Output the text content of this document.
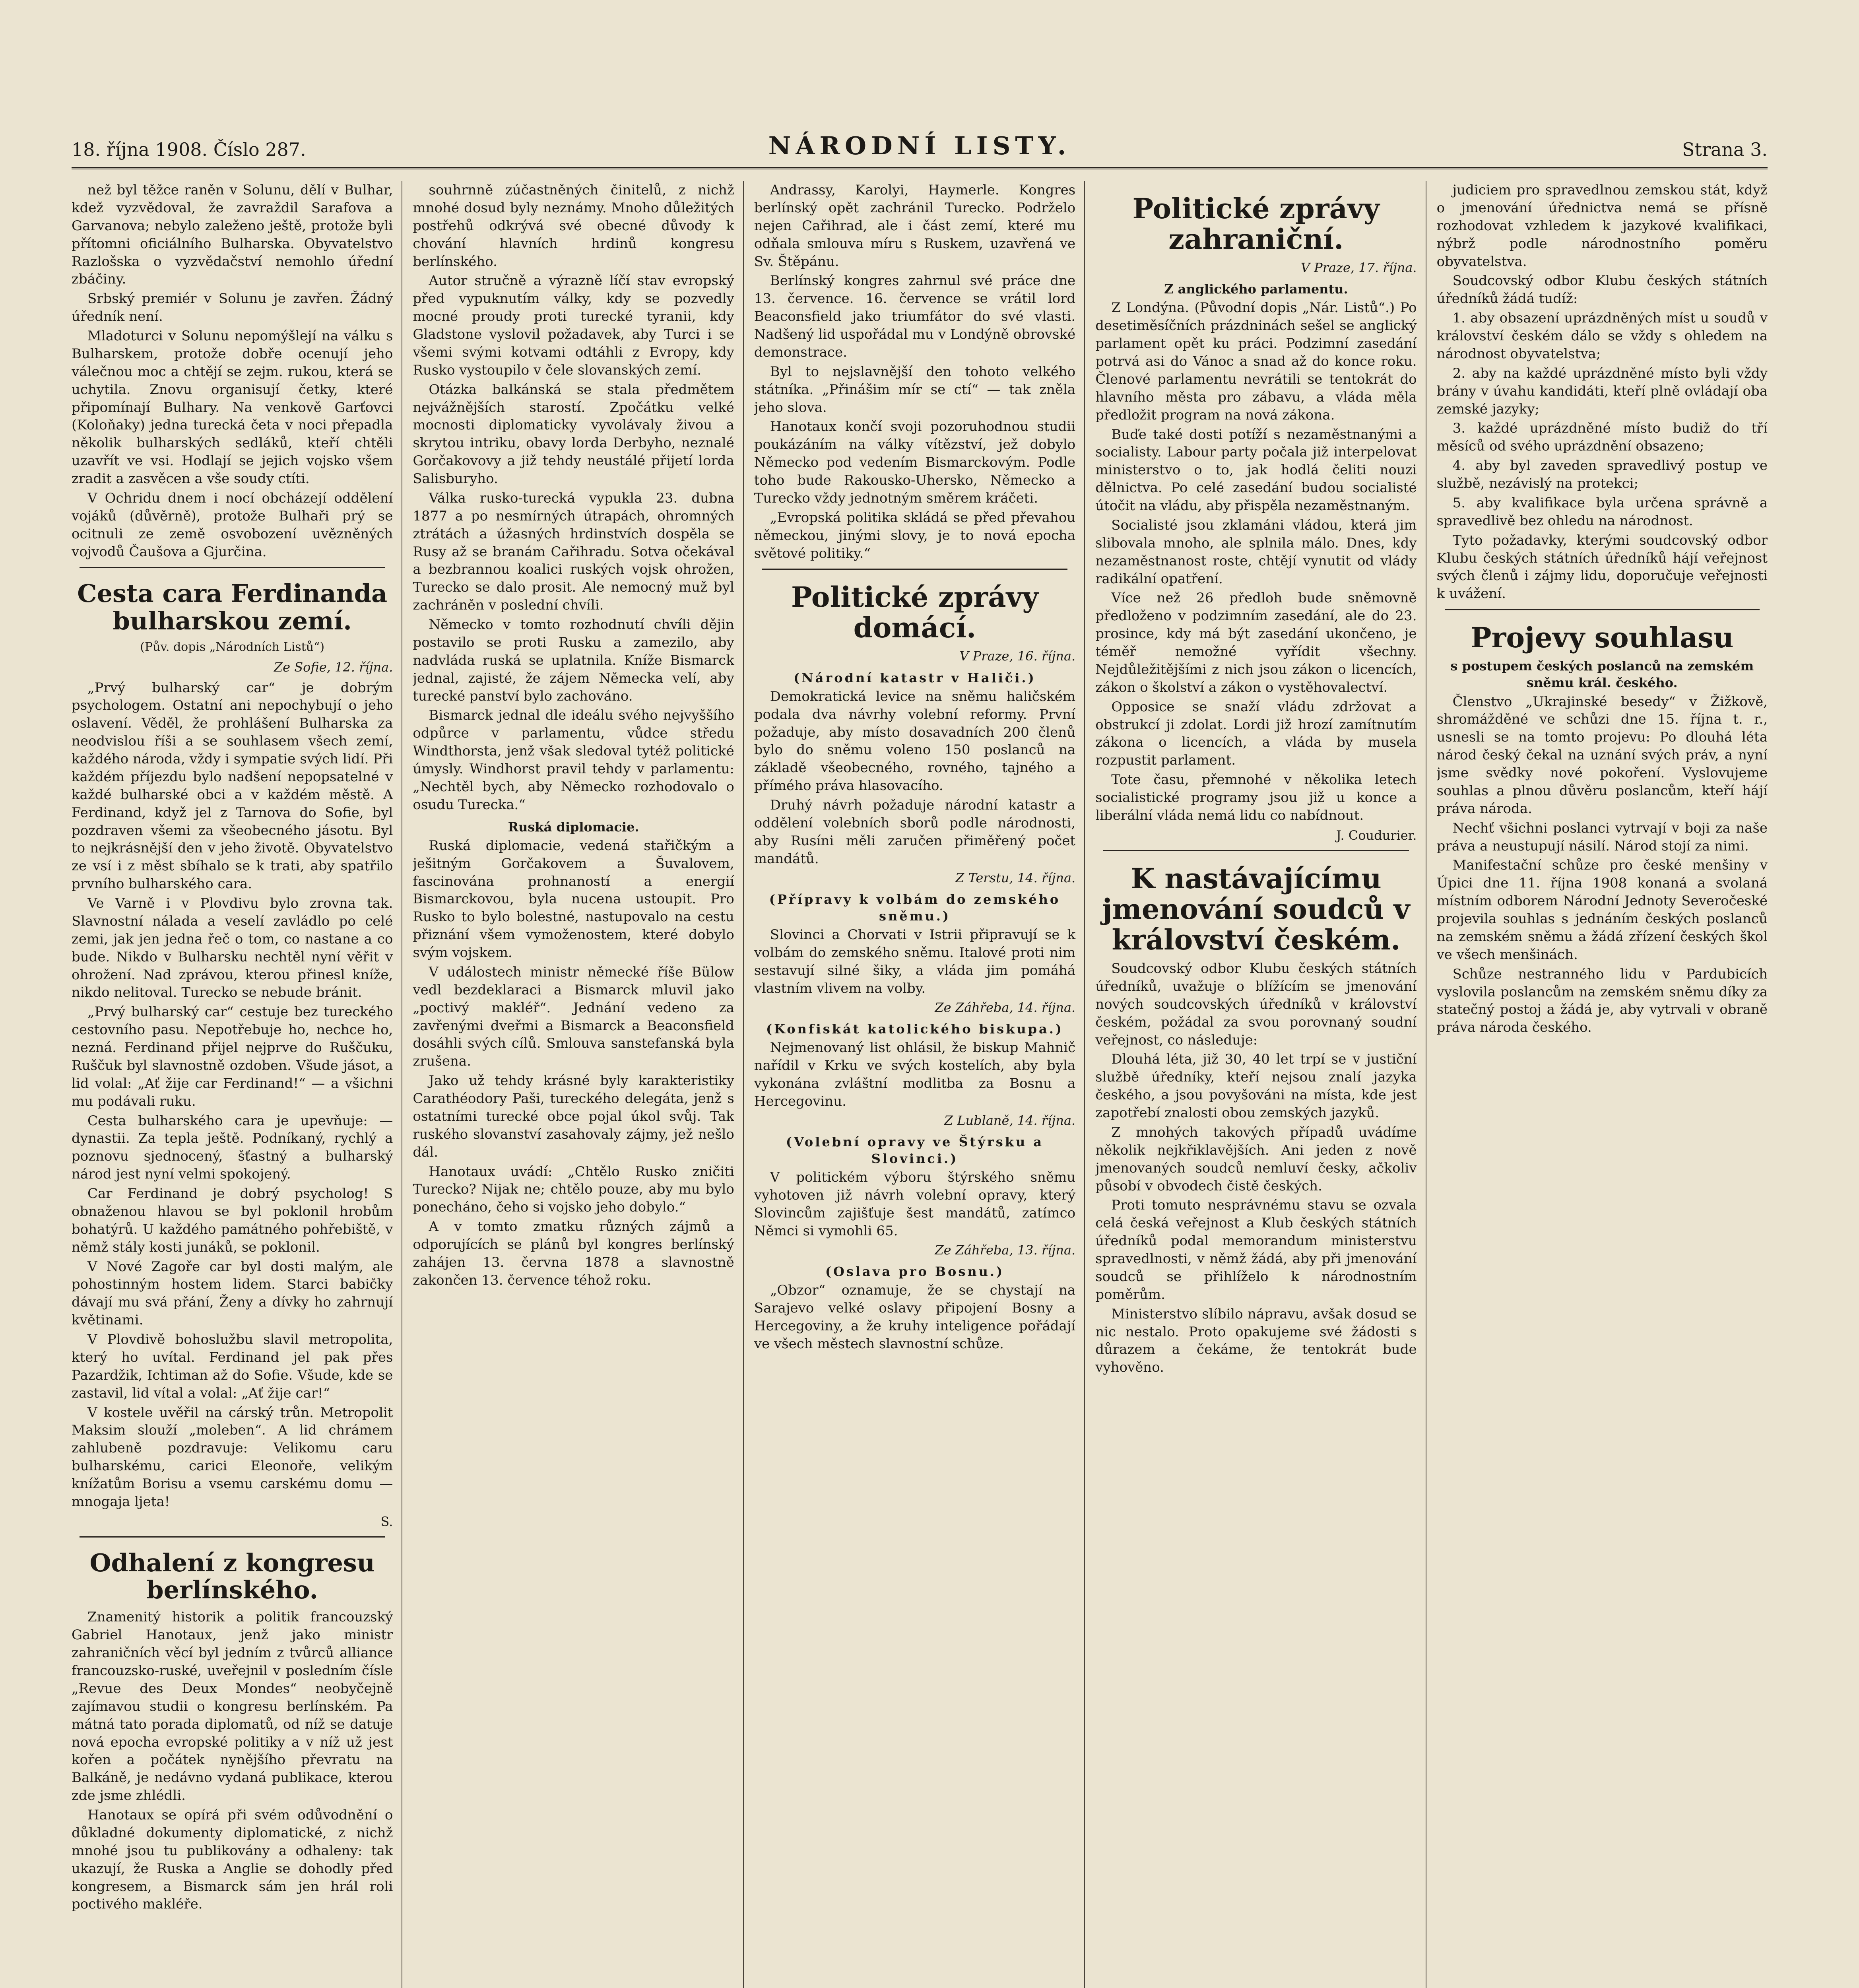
18. října 1908. Číslo 287.	NÁRODNÍ LISTY.	Strana 3.

než byl těžce raněn v Solunu, dělí v Bulhar, kdež vyzvědoval, že zavraždil Sarafova a Garvanova; nebylo zaleženo ještě, protože byli přítomni oficiálního Bulharska. Obyvatelstvo Razlošska o vyzvědačství nemohlo úřední zbáčiny.

Srbský premiér v Solunu je zavřen. Žádný úředník není.

Mladoturci v Solunu nepomýšlejí na válku s Bulharskem, protože dobře ocenují jeho válečnou moc a chtějí se zejm. rukou, která se uchytila. Znovu organisují četky, které připomínají Bulhary. Na venkově Garťovci (Koloňaky) jedna turecká četa v noci přepadla několik bulharských sedláků, kteří chtěli uzavřít ve vsi. Hodlají se jejich vojsko všem zradit a zasvěcen a vše soudy ctíti.

V Ochridu dnem i nocí obcházejí oddělení vojáků (důvěrně), protože Bulhaři prý se ocitnuli ze země osvobození uvězněných vojvodů Čaušova a Gjurčina.

Cesta cara Ferdinanda bulharskou zemí.
(Pův. dopis „Národních Listů“)
Ze Sofie, 12. října.

„Prvý bulharský car“ je dobrým psychologem. Ostatní ani nepochybují o jeho oslavení. Věděl, že prohlášení Bulharska za neodvislou říši a se souhlasem všech zemí, každého národa, vždy i sympatie svých lidí. Při každém příjezdu bylo nadšení nepopsatelné v každé bulharské obci a v každém městě. A Ferdinand, když jel z Tarnova do Sofie, byl pozdraven všemi za všeobecného jásotu. Byl to nejkrásnější den v jeho životě. Obyvatelstvo ze vsí i z měst sbíhalo se k trati, aby spatřilo prvního bulharského cara.

Ve Varně i v Plovdivu bylo zrovna tak. Slavnostní nálada a veselí zavládlo po celé zemi, jak jen jedna řeč o tom, co nastane a co bude. Nikdo v Bulharsku nechtěl nyní věřit v ohrožení. Nad zprávou, kterou přinesl kníže, nikdo nelitoval. Turecko se nebude bránit.

„Prvý bulharský car“ cestuje bez tureckého cestovního pasu. Nepotřebuje ho, nechce ho, nezná. Ferdinand přijel nejprve do Ruščuku, Ruščuk byl slavnostně ozdoben. Všude jásot, a lid volal: „Ať žije car Ferdinand!“ — a všichni mu podávali ruku.

Cesta bulharského cara je upevňuje: — dynastii. Za tepla ještě. Podníkaný, rychlý a poznovu sjednocený, šťastný a bulharský národ jest nyní velmi spokojený.

Car Ferdinand je dobrý psycholog! S obnaženou hlavou se byl poklonil hrobům bohatýrů. U každého památného pohřebiště, v němž stály kosti junáků, se poklonil.

V Nové Zagoře car byl dosti malým, ale pohostinným hostem lidem. Starci babičky dávají mu svá přání, Ženy a dívky ho zahrnují květinami.

V Plovdivě bohoslužbu slavil metropolita, který ho uvítal. Ferdinand jel pak přes Pazardžik, Ichtiman až do Sofie. Všude, kde se zastavil, lid vítal a volal: „Ať žije car!“

V kostele uvěřil na cárský trůn. Metropolit Maksim slouží „moleben“. A lid chrámem zahlubeně pozdravuje: Velikomu caru bulharskému, carici Eleonoře, velikým knížatům Borisu a vsemu carskému domu — mnogaja ljeta!

S.
Odhalení z kongresu berlínského.

Znamenitý historik a politik francouzský Gabriel Hanotaux, jenž jako ministr zahraničních věcí byl jedním z tvůrců alliance francouzsko-ruské, uveřejnil v posledním čísle „Revue des Deux Mondes“ neobyčejně zajímavou studii o kongresu berlínském. Pa mátná tato porada diplomatů, od níž se datuje nová epocha evropské politiky a v níž už jest kořen a počátek nynějšího převratu na Balkáně, je nedávno vydaná publikace, kterou zde jsme zhlédli.

Hanotaux se opírá při svém odůvodnění o důkladné dokumenty diplomatické, z nichž mnohé jsou tu publikovány a odhaleny: tak ukazují, že Ruska a Anglie se dohodly před kongresem, a Bismarck sám jen hrál roli poctivého makléře.

souhrnně zúčastněných činitelů, z nichž mnohé dosud byly neznámy. Mnoho důležitých postřehů odkrývá své obecné důvody k chování hlavních hrdinů kongresu berlínského.

Autor stručně a výrazně líčí stav evropský před vypuknutím války, kdy se pozvedly mocné proudy proti turecké tyranii, kdy Gladstone vyslovil požadavek, aby Turci i se všemi svými kotvami odtáhli z Evropy, kdy Rusko vystoupilo v čele slovanských zemí.

Otázka balkánská se stala předmětem nejvážnějších starostí. Zpočátku velké mocnosti diplomaticky vyvolávaly živou a skrytou intriku, obavy lorda Derbyho, neznalé Gorčakovovy a již tehdy neustálé přijetí lorda Salisburyho.

Válka rusko-turecká vypukla 23. dubna 1877 a po nesmírných útrapách, ohromných ztrátách a úžasných hrdinstvích dospěla se Rusy až se branám Cařihradu. Sotva očekával a bezbrannou koalici ruských vojsk ohrožen, Turecko se dalo prosit. Ale nemocný muž byl zachráněn v poslední chvíli.

Německo v tomto rozhodnutí chvíli dějin postavilo se proti Rusku a zamezilo, aby nadvláda ruská se uplatnila. Kníže Bismarck jednal, zajisté, že zájem Německa velí, aby turecké panství bylo zachováno.

Bismarck jednal dle ideálu svého nejvyššího odpůrce v parlamentu, vůdce středu Windthorsta, jenž však sledoval tytéž politické úmysly. Windhorst pravil tehdy v parlamentu: „Nechtěl bych, aby Německo rozhodovalo o osudu Turecka.“

Ruská diplomacie.

Ruská diplomacie, vedená stařičkým a ješitným Gorčakovem a Šuvalovem, fascinována prohnaností a energií Bismarckovou, byla nucena ustoupit. Pro Rusko to bylo bolestné, nastupovalo na cestu přiznání všem vymoženostem, které dobylo svým vojskem.

V událostech ministr německé říše Bülow vedl bezdeklaraci a Bismarck mluvil jako „poctivý makléř“. Jednání vedeno za zavřenými dveřmi a Bismarck a Beaconsfield dosáhli svých cílů. Smlouva sanstefanská byla zrušena.

Jako už tehdy krásné byly karakteristiky Carathéodory Paši, tureckého delegáta, jenž s ostatními turecké obce pojal úkol svůj. Tak ruského slovanství zasahovaly zájmy, jež nešlo dál.

Hanotaux uvádí: „Chtělo Rusko zničiti Turecko? Nijak ne; chtělo pouze, aby mu bylo ponecháno, čeho si vojsko jeho dobylo.“

A v tomto zmatku různých zájmů a odporujících se plánů byl kongres berlínský zahájen 13. června 1878 a slavnostně zakončen 13. července téhož roku.

Andrassy, Karolyi, Haymerle. Kongres berlínský opět zachránil Turecko. Podrželo nejen Cařihrad, ale i část zemí, které mu odňala smlouva míru s Ruskem, uzavřená ve Sv. Štěpánu.

Berlínský kongres zahrnul své práce dne 13. července. 16. července se vrátil lord Beaconsfield jako triumfátor do své vlasti. Nadšený lid uspořádal mu v Londýně obrovské demonstrace.

Byl to nejslavnější den tohoto velkého státníka. „Přinášim mír se ctí“ — tak zněla jeho slova.

Hanotaux končí svoji pozoruhodnou studii poukázáním na války vítězství, jež dobylo Německo pod vedením Bismarckovým. Podle toho bude Rakousko-Uhersko, Německo a Turecko vždy jednotným směrem kráčeti.

„Evropská politika skládá se před převahou německou, jinými slovy, je to nová epocha světové politiky.“

Politické zprávy domácí.
V Praze, 16. října.
(Národní katastr v Haliči.)

Demokratická levice na sněmu haličském podala dva návrhy volební reformy. První požaduje, aby místo dosavadních 200 členů bylo do sněmu voleno 150 poslanců na základě všeobecného, rovného, tajného a přímého práva hlasovacího.

Druhý návrh požaduje národní katastr a oddělení volebních sborů podle národnosti, aby Rusíni měli zaručen přiměřený počet mandátů.

Z Terstu, 14. října.
(Přípravy k volbám do zemského sněmu.)

Slovinci a Chorvati v Istrii připravují se k volbám do zemského sněmu. Italové proti nim sestavují silné šiky, a vláda jim pomáhá vlastním vlivem na volby.

Ze Záhřeba, 14. října.
(Konfiskát katolického biskupa.)

Nejmenovaný list ohlásil, že biskup Mahnič nařídil v Krku ve svých kostelích, aby byla vykonána zvláštní modlitba za Bosnu a Hercegovinu.

Z Lublaně, 14. října.
(Volební opravy ve Štýrsku a Slovinci.)

V politickém výboru štýrského sněmu vyhotoven již návrh volební opravy, který Slovincům zajišťuje šest mandátů, zatímco Němci si vymohli 65.

Ze Záhřeba, 13. října.
(Oslava pro Bosnu.)

„Obzor“ oznamuje, že se chystají na Sarajevo velké oslavy připojení Bosny a Hercegoviny, a že kruhy inteligence pořádají ve všech městech slavnostní schůze.

Politické zprávy zahraniční.
V Praze, 17. října.
Z anglického parlamentu.

Z Londýna. (Původní dopis „Nár. Listů“.) Po desetiměsíčních prázdninách sešel se anglický parlament opět ku práci. Podzimní zasedání potrvá asi do Vánoc a snad až do konce roku. Členové parlamentu nevrátili se tentokrát do hlavního města pro zábavu, a vláda měla předložit program na nová zákona.

Buďe také dosti potíží s nezaměstnanými a socialisty. Labour party počala již interpelovat ministerstvo o to, jak hodlá čeliti nouzi dělnictva. Po celé zasedání budou socialisté útočit na vládu, aby přispěla nezaměstnaným.

Socialisté jsou zklamáni vládou, která jim slibovala mnoho, ale splnila málo. Dnes, kdy nezaměstnanost roste, chtějí vynutit od vlády radikální opatření.

Více než 26 předloh bude sněmovně předloženo v podzimním zasedání, ale do 23. prosince, kdy má být zasedání ukončeno, je téměř nemožné vyřídit všechny. Nejdůležitějšími z nich jsou zákon o licencích, zákon o školství a zákon o vystěhovalectví.

Opposice se snaží vládu zdržovat a obstrukcí ji zdolat. Lordi již hrozí zamítnutím zákona o licencích, a vláda by musela rozpustit parlament.

Tote času, přemnohé v několika letech socialistické programy jsou již u konce a liberální vláda nemá lidu co nabídnout.

J. Coudurier.
K nastávajícímu jmenování soudců v království českém.

Soudcovský odbor Klubu českých státních úředníků, uvažuje o blížícím se jmenování nových soudcovských úředníků v království českém, požádal za svou porovnaný soudní veřejnost, co následuje:

Dlouhá léta, již 30, 40 let trpí se v justiční službě úředníky, kteří nejsou znalí jazyka českého, a jsou povyšováni na místa, kde jest zapotřebí znalosti obou zemských jazyků.

Z mnohých takových případů uvádíme několik nejkřiklavějších. Ani jeden z nově jmenovaných soudců nemluví česky, ačkoliv působí v obvodech čistě českých.

Proti tomuto nesprávnému stavu se ozvala celá česká veřejnost a Klub českých státních úředníků podal memorandum ministerstvu spravedlnosti, v němž žádá, aby při jmenování soudců se přihlíželo k národnostním poměrům.

Ministerstvo slíbilo nápravu, avšak dosud se nic nestalo. Proto opakujeme své žádosti s důrazem a čekáme, že tentokrát bude vyhověno.

judiciem pro spravedlnou zemskou stát, když o jmenování úřednictva nemá se přísně rozhodovat vzhledem k jazykové kvalifikaci, nýbrž podle národnostního poměru obyvatelstva.

Soudcovský odbor Klubu českých státních úředníků žádá tudíž:

1. aby obsazení uprázdněných míst u soudů v království českém dálo se vždy s ohledem na národnost obyvatelstva;

2. aby na každé uprázdněné místo byli vždy brány v úvahu kandidáti, kteří plně ovládají oba zemské jazyky;

3. každé uprázdněné místo budiž do tří měsíců od svého uprázdnění obsazeno;

4. aby byl zaveden spravedlivý postup ve službě, nezávislý na protekci;

5. aby kvalifikace byla určena správně a spravedlivě bez ohledu na národnost.

Tyto požadavky, kterými soudcovský odbor Klubu českých státních úředníků hájí veřejnost svých členů i zájmy lidu, doporučuje veřejnosti k uvážení.

Projevy souhlasu
s postupem českých poslanců na zemském sněmu král. českého.

Členstvo „Ukrajinské besedy“ v Žižkově, shromážděné ve schůzi dne 15. října t. r., usnesli se na tomto projevu: Po dlouhá léta národ český čekal na uznání svých práv, a nyní jsme svědky nové pokoření. Vyslovujeme souhlas a plnou důvěru poslancům, kteří hájí práva národa.

Nechť všichni poslanci vytrvají v boji za naše práva a neustupují násilí. Národ stojí za nimi.

Manifestační schůze pro české menšiny v Úpici dne 11. října 1908 konaná a svolaná místním odborem Národní Jednoty Severočeské projevila souhlas s jednáním českých poslanců na zemském sněmu a žádá zřízení českých škol ve všech menšinách.

Schůze nestranného lidu v Pardubicích vyslovila poslancům na zemském sněmu díky za statečný postoj a žádá je, aby vytrvali v obraně práva národa českého.
